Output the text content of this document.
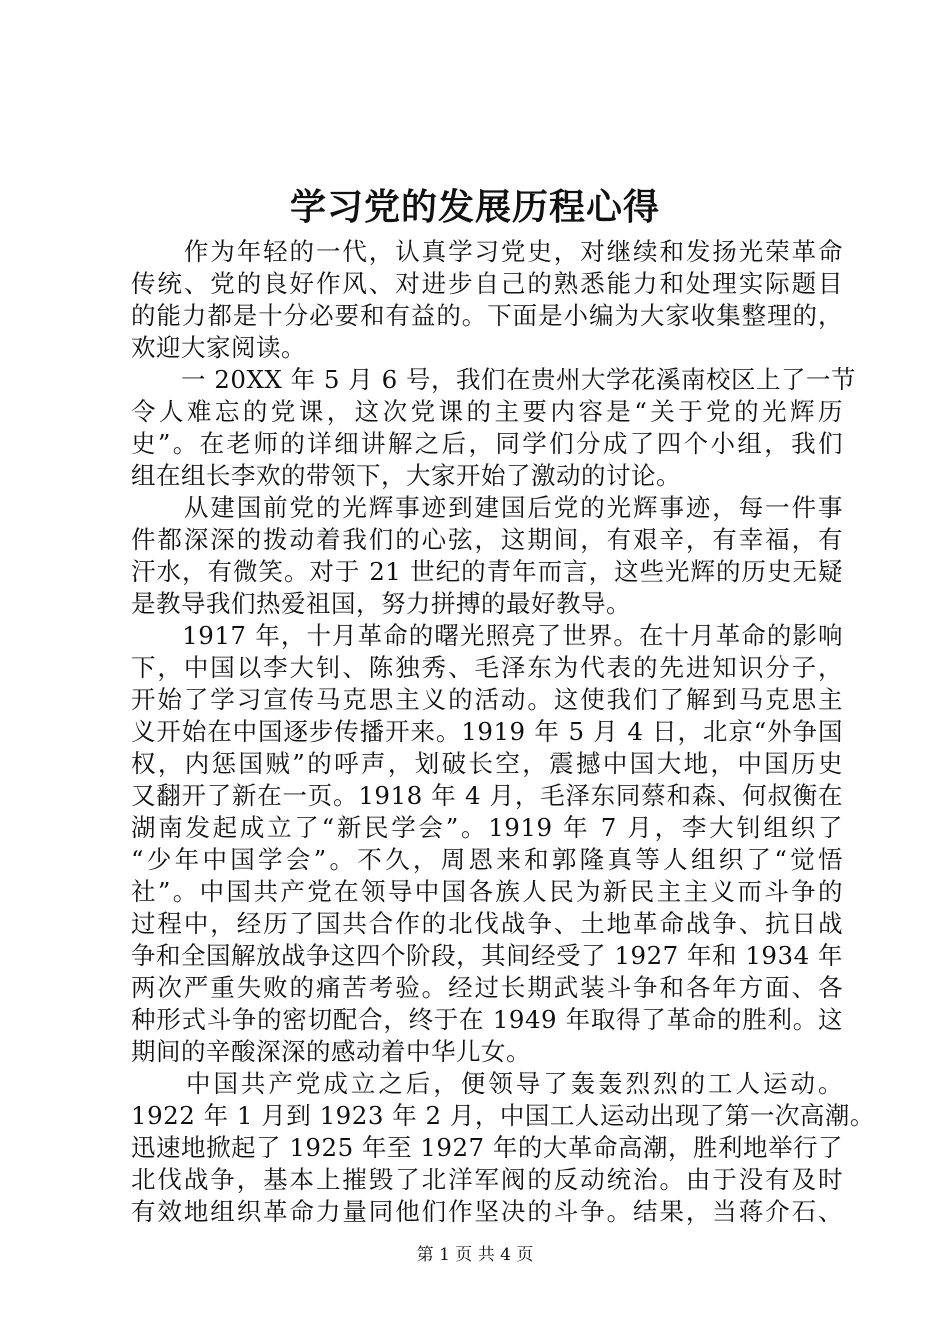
学习党的发展历程心得
　　作为年轻的一代，认真学习党史，对继续和发扬光荣革命
传统、党的良好作风、对进步自己的熟悉能力和处理实际题目
的能力都是十分必要和有益的。下面是小编为大家收集整理的，
欢迎大家阅读。
　　一 20XX 年 5 月 6 号，我们在贵州大学花溪南校区上了一节
令人难忘的党课，这次党课的主要内容是“关于党的光辉历
史”。在老师的详细讲解之后，同学们分成了四个小组，我们
组在组长李欢的带领下，大家开始了激动的讨论。
　　从建国前党的光辉事迹到建国后党的光辉事迹，每一件事
件都深深的拨动着我们的心弦，这期间，有艰辛，有幸福，有
汗水，有微笑。对于 21 世纪的青年而言，这些光辉的历史无疑
是教导我们热爱祖国，努力拼搏的最好教导。
　　1917 年，十月革命的曙光照亮了世界。在十月革命的影响
下，中国以李大钊、陈独秀、毛泽东为代表的先进知识分子，
开始了学习宣传马克思主义的活动。这使我们了解到马克思主
义开始在中国逐步传播开来。1919 年 5 月 4 日，北京“外争国
权，内惩国贼”的呼声，划破长空，震撼中国大地，中国历史
又翻开了新在一页。1918 年 4 月，毛泽东同蔡和森、何叔衡在
湖南发起成立了“新民学会”。1919 年 7 月，李大钊组织了
“少年中国学会”。不久，周恩来和郭隆真等人组织了“觉悟
社”。中国共产党在领导中国各族人民为新民主主义而斗争的
过程中，经历了国共合作的北伐战争、土地革命战争、抗日战
争和全国解放战争这四个阶段，其间经受了 1927 年和 1934 年
两次严重失败的痛苦考验。经过长期武装斗争和各年方面、各
种形式斗争的密切配合，终于在 1949 年取得了革命的胜利。这
期间的辛酸深深的感动着中华儿女。
　　中国共产党成立之后，便领导了轰轰烈烈的工人运动。
1922 年 1 月到 1923 年 2 月，中国工人运动出现了第一次高潮。
迅速地掀起了 1925 年至 1927 年的大革命高潮，胜利地举行了
北伐战争，基本上摧毁了北洋军阀的反动统治。由于没有及时
有效地组织革命力量同他们作坚决的斗争。结果，当蒋介石、
第 1 页 共 4 页
